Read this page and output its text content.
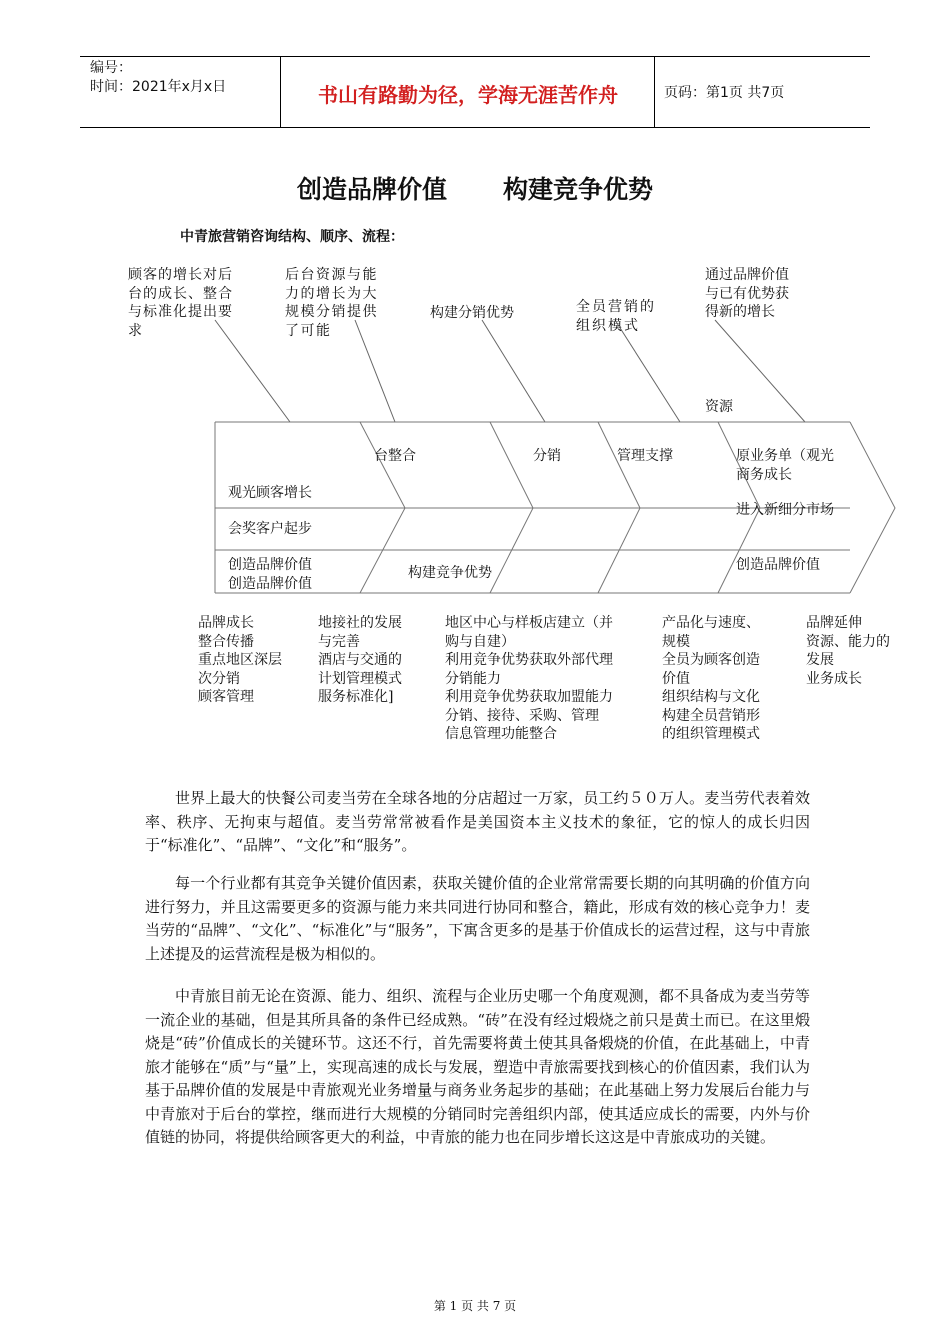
编号：
时间：2021年x月x日	书山有路勤为径，学海无涯苦作舟	页码：第1页 共7页
创造品牌价值 构建竞争优势
中青旅营销咨询结构、顺序、流程：
顾客的增长对后
台的成长、整合
与标准化提出要
求
后台资源与能
力的增长为大
规模分销提供
了可能
构建分销优势	全员营销的
组织模式
通过品牌价值
与已有优势获
得新的增长
资源
台整合	分销	管理支撑	原业务单（观光
商务成长
进入新细分市场
观光顾客增长
会奖客户起步
创造品牌价值
创造品牌价值
构建竞争优势	创造品牌价值
品牌成长
整合传播
重点地区深层
次分销
顾客管理
地接社的发展
与完善
酒店与交通的
计划管理模式
服务标准化]
地区中心与样板店建立（并
购与自建）
利用竞争优势获取外部代理
分销能力
利用竞争优势获取加盟能力
分销、接待、采购、管理
信息管理功能整合
产品化与速度、
规模
全员为顾客创造
价值
组织结构与文化
构建全员营销形
的组织管理模式
品牌延伸
资源、能力的
发展
业务成长
世界上最大的快餐公司麦当劳在全球各地的分店超过一万家，员工约５０万人。麦当劳代表着效率、秩序、无拘束与超值。麦当劳常常被看作是美国资本主义技术的象征，它的惊人的成长归因于“标准化”、“品牌”、“文化”和“服务”。
每一个行业都有其竞争关键价值因素，获取关键价值的企业常常需要长期的向其明确的价值方向进行努力，并且这需要更多的资源与能力来共同进行协同和整合，籍此，形成有效的核心竞争力！麦当劳的“品牌”、“文化”、“标准化”与“服务”，下寓含更多的是基于价值成长的运营过程，这与中青旅上述提及的运营流程是极为相似的。
中青旅目前无论在资源、能力、组织、流程与企业历史哪一个角度观测，都不具备成为麦当劳等一流企业的基础，但是其所具备的条件已经成熟。“砖”在没有经过煅烧之前只是黄土而已。在这里煅烧是“砖”价值成长的关键环节。这还不行，首先需要将黄土使其具备煅烧的价值，在此基础上，中青旅才能够在“质”与“量”上，实现高速的成长与发展，塑造中青旅需要找到核心的价值因素，我们认为基于品牌价值的发展是中青旅观光业务增量与商务业务起步的基础；在此基础上努力发展后台能力与中青旅对于后台的掌控，继而进行大规模的分销同时完善组织内部，使其适应成长的需要，内外与价值链的协同，将提供给顾客更大的利益，中青旅的能力也在同步增长这这是中青旅成功的关键。
第 1 页 共 7 页
